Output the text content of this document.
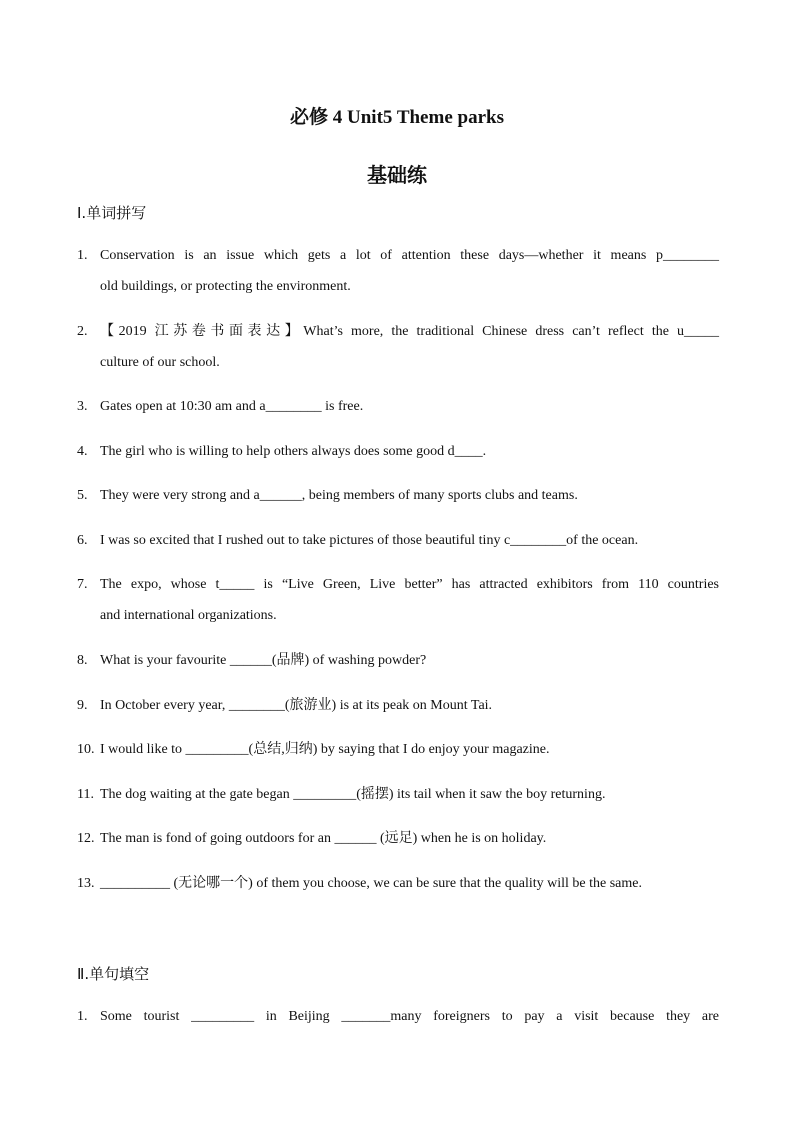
必修 4 Unit5 Theme parks
基础练
Ⅰ.单词拼写
1. Conservation is an issue which gets a lot of attention these days—whether it means p________
old buildings, or protecting the environment.
2. 【2019 江苏卷书面表达】What’s more, the traditional Chinese dress can’t reflect the u_____
culture of our school.
3. Gates open at 10:30 am and a________ is free.
4. The girl who is willing to help others always does some good d____.
5. They were very strong and a______, being members of many sports clubs and teams.
6. I was so excited that I rushed out to take pictures of those beautiful tiny c________of the ocean.
7. The expo, whose t_____ is “Live Green, Live better” has attracted exhibitors from 110 countries
and international organizations.
8. What is your favourite ______(品牌) of washing powder?
9. In October every year, ________(旅游业) is at its peak on Mount Tai.
10. I would like to _________(总结,归纳) by saying that I do enjoy your magazine.
11. The dog waiting at the gate began _________(摇摆) its tail when it saw the boy returning.
12. The man is fond of going outdoors for an ______ (远足) when he is on holiday.
13. __________ (无论哪一个) of them you choose, we can be sure that the quality will be the same.
Ⅱ.单句填空
1. Some tourist _________ in Beijing _______many foreigners to pay a visit because they are
